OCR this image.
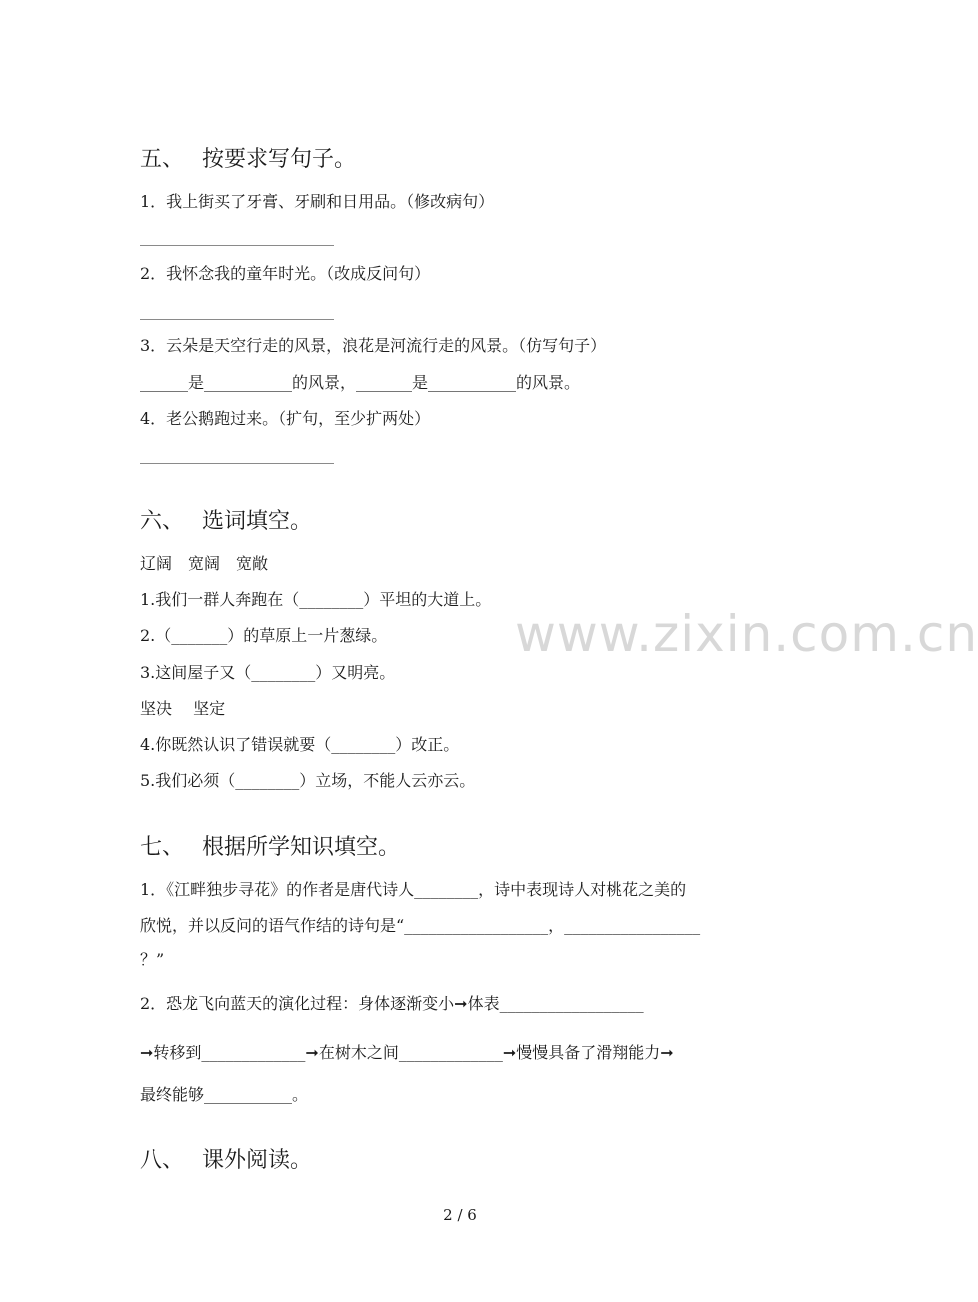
www.zixin.com.cn
五、 按要求写句子。
1．我上街买了牙膏、牙刷和日用品。（修改病句）
2．我怀念我的童年时光。（改成反问句）
3．云朵是天空行走的风景，浪花是河流行走的风景。（仿写句子）
______是___________的风景，_______是___________的风景。
4．老公鹅跑过来。（扩句，至少扩两处）
六、 选词填空。
辽阔　宽阔　宽敞
1.我们一群人奔跑在（________）平坦的大道上。
2.（_______）的草原上一片葱绿。
3.这间屋子又（________）又明亮。
坚决　 坚定
4.你既然认识了错误就要（________）改正。
5.我们必须（________）立场，不能人云亦云。
七、 根据所学知识填空。
1．《江畔独步寻花》的作者是唐代诗人________，诗中表现诗人对桃花之美的
欣悦，并以反问的语气作结的诗句是“__________________，_________________
？”
2．恐龙飞向蓝天的演化过程：身体逐渐变小➞体表__________________
➞转移到_____________➞在树木之间_____________➞慢慢具备了滑翔能力➞
最终能够___________。
八、 课外阅读。
2 / 6
